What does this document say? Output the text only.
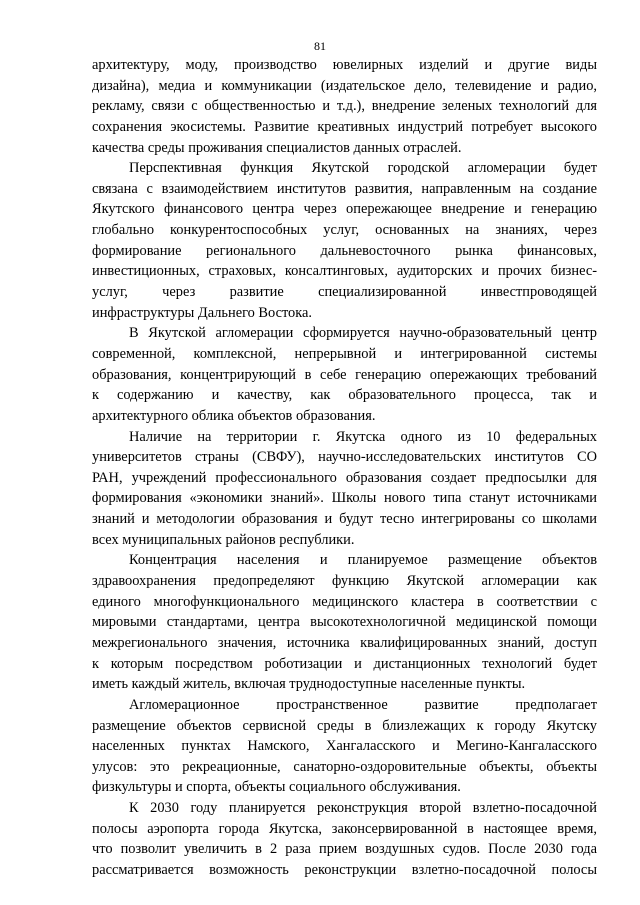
81
архитектуру, моду, производство ювелирных изделий и другие виды
дизайна), медиа и коммуникации (издательское дело, телевидение и радио,
рекламу, связи с общественностью и т.д.), внедрение зеленых технологий для
сохранения экосистемы. Развитие креативных индустрий потребует высокого
качества среды проживания специалистов данных отраслей.
Перспективная функция Якутской городской агломерации будет
связана с взаимодействием институтов развития, направленным на создание
Якутского финансового центра через опережающее внедрение и генерацию
глобально конкурентоспособных услуг, основанных на знаниях, через
формирование регионального дальневосточного рынка финансовых,
инвестиционных, страховых, консалтинговых, аудиторских и прочих бизнес-
услуг, через развитие специализированной инвестпроводящей
инфраструктуры Дальнего Востока.
В Якутской агломерации сформируется научно-образовательный центр
современной, комплексной, непрерывной и интегрированной системы
образования, концентрирующий в себе генерацию опережающих требований
к содержанию и качеству, как образовательного процесса, так и
архитектурного облика объектов образования.
Наличие на территории г. Якутска одного из 10 федеральных
университетов страны (СВФУ), научно-исследовательских институтов СО
РАН, учреждений профессионального образования создает предпосылки для
формирования «экономики знаний». Школы нового типа станут источниками
знаний и методологии образования и будут тесно интегрированы со школами
всех муниципальных районов республики.
Концентрация населения и планируемое размещение объектов
здравоохранения предопределяют функцию Якутской агломерации как
единого многофункционального медицинского кластера в соответствии с
мировыми стандартами, центра высокотехнологичной медицинской помощи
межрегионального значения, источника квалифицированных знаний, доступ
к которым посредством роботизации и дистанционных технологий будет
иметь каждый житель, включая труднодоступные населенные пункты.
Агломерационное пространственное развитие предполагает
размещение объектов сервисной среды в близлежащих к городу Якутску
населенных пунктах Намского, Хангаласского и Мегино-Кангаласского
улусов: это рекреационные, санаторно-оздоровительные объекты, объекты
физкультуры и спорта, объекты социального обслуживания.
К 2030 году планируется реконструкция второй взлетно-посадочной
полосы аэропорта города Якутска, законсервированной в настоящее время,
что позволит увеличить в 2 раза прием воздушных судов. После 2030 года
рассматривается возможность реконструкции взлетно-посадочной полосы
